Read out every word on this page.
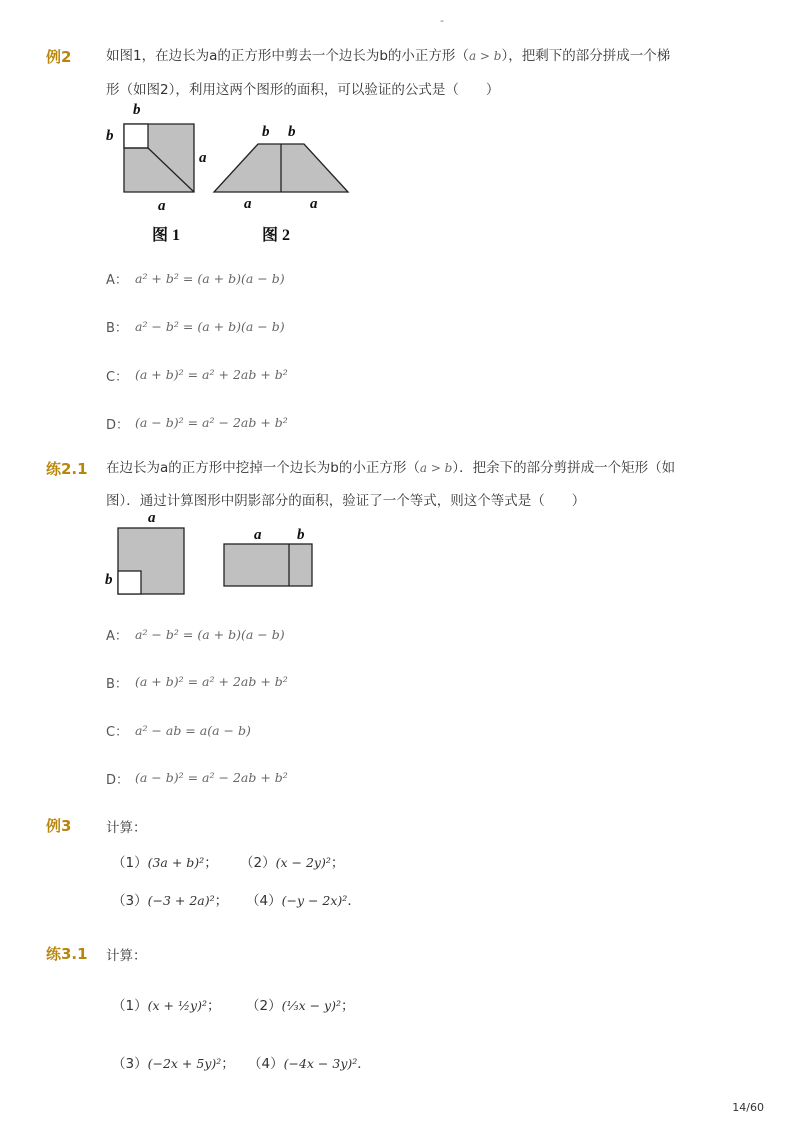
-
例2	如图1，在边长为a的正方形中剪去一个边长为b的小正方形（a > b），把剩下的部分拼成一个梯
形（如图2），利用这两个图形的面积，可以验证的公式是（　　）
b
b
a
a
图 1
b b
a	a
图 2
A： a² + b² = (a + b)(a − b)
B： a² − b² = (a + b)(a − b)
C： (a + b)² = a² + 2ab + b²
D： (a − b)² = a² − 2ab + b²
练2.1 在边长为a的正方形中挖掉一个边长为b的小正方形（a > b）．把余下的部分剪拼成一个矩形（如
图）．通过计算图形中阴影部分的面积，验证了一个等式，则这个等式是（　　）
a
b
a b
A： a² − b² = (a + b)(a − b)
B： (a + b)² = a² + 2ab + b²
C： a² − ab = a(a − b)
D： (a − b)² = a² − 2ab + b²
例3	计算：
（1）(3a + b)²； （2）(x − 2y)²；
（3）(−3 + 2a)²； （4）(−y − 2x)²．
练3.1 计算：
（1）(x + ½y)²； （2）(⅓x − y)²；
（3）(−2x + 5y)²； （4）(−4x − 3y)²．
14/60
